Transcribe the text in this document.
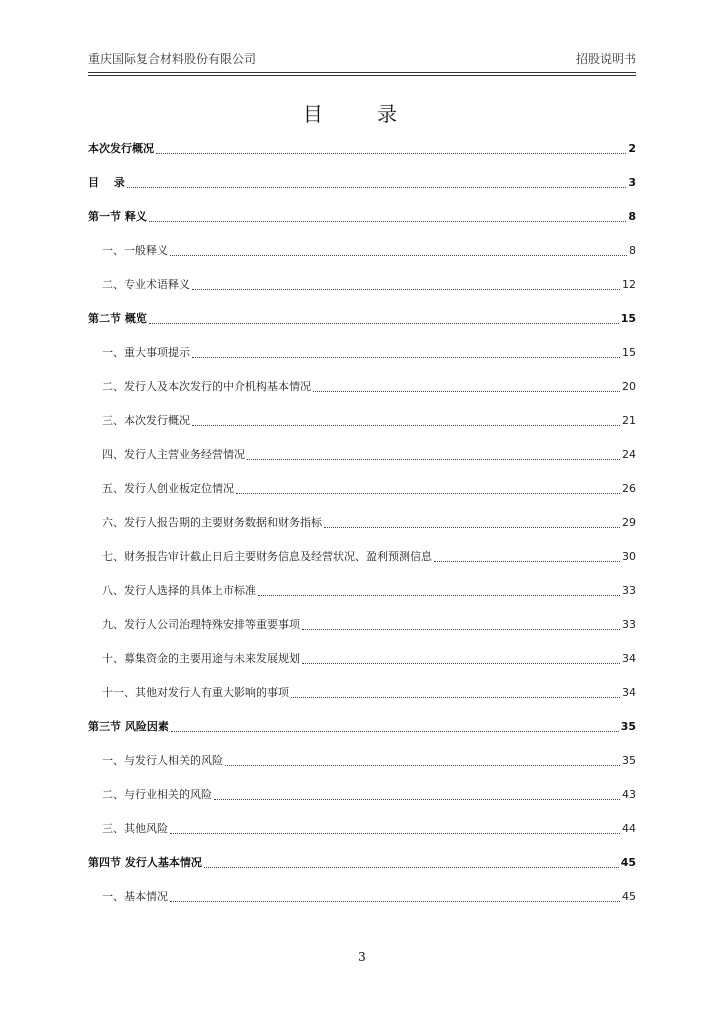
重庆国际复合材料股份有限公司	招股说明书
目 录
本次发行概况	2
目　 录	3
第一节 释义	8
一、一般释义	8
二、专业术语释义	12
第二节 概览	15
一、重大事项提示	15
二、发行人及本次发行的中介机构基本情况	20
三、本次发行概况	21
四、发行人主营业务经营情况	24
五、发行人创业板定位情况	26
六、发行人报告期的主要财务数据和财务指标	29
七、财务报告审计截止日后主要财务信息及经营状况、盈利预测信息	30
八、发行人选择的具体上市标准	33
九、发行人公司治理特殊安排等重要事项	33
十、募集资金的主要用途与未来发展规划	34
十一、其他对发行人有重大影响的事项	34
第三节 风险因素	35
一、与发行人相关的风险	35
二、与行业相关的风险	43
三、其他风险	44
第四节 发行人基本情况	45
一、基本情况	45
3
